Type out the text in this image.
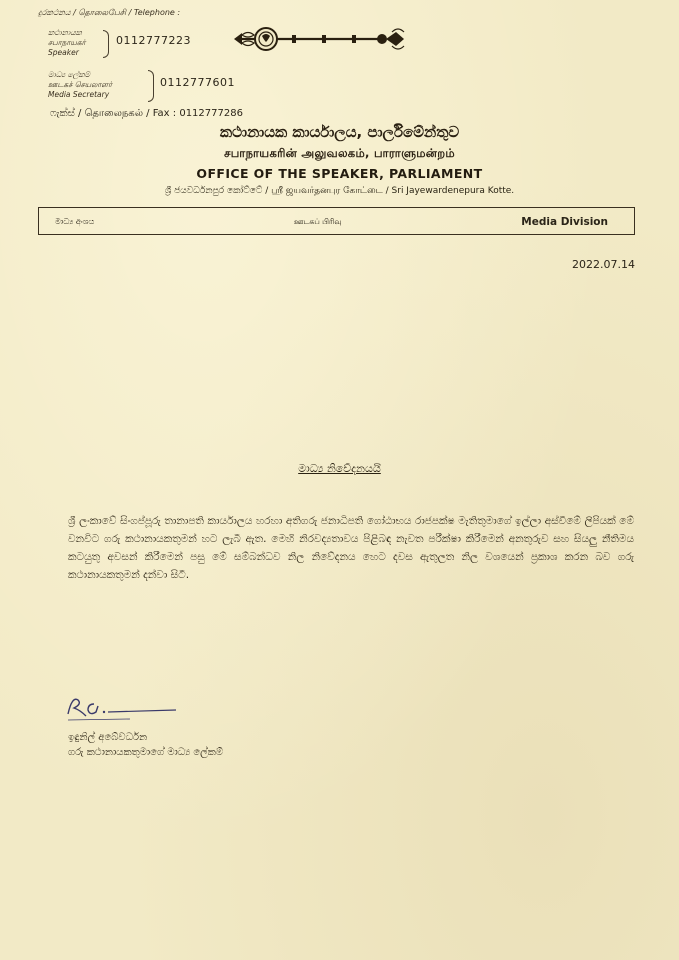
දුරකථනය / தொலைபேசி / Telephone :
කථානායක
சபாநாயகர்
Speaker
0112777223
මාධ්‍ය ලේකම්
ஊடகச் செயலாளர்
Media Secretary
0112777601
ෆැක්ස් / தொலைநகல் / Fax : 0112777286
කථානායක කාර්යාලය, පාර්ලිමේන්තුව
சபாநாயகரின் அலுவலகம், பாராளுமன்றம்
OFFICE OF THE SPEAKER, PARLIAMENT
ශ්‍රී ජයවර්ධනපුර කෝට්ටේ / ஸ்ரீ ஜயவர்தனபுர கோட்டை / Sri Jayewardenepura Kotte.
මාධ්‍ය අංශය	ஊடகப் பிரிவு	Media Division
2022.07.14
මාධ්‍ය නිවේදනයයි
ශ්‍රී ලංකාවේ සිංගප්පූරු තානාපති කාර්යාලය හරහා අතිගරු ජනාධිපති ගෝඨාභය රාජපක්ෂ මැතිතුමාගේ ඉල්ලා අස්වීමේ ලිපියක් මේ වනවිට ගරු කථානායකතුමන් හට ලැබී ඇත. මෙහි නිරවද්‍යතාවය පිළිබඳ නැවත පරීක්ෂා කිරීමෙන් අනතුරුව සහ සියලු නීතිමය කටයුතු අවසන් කිරීමෙන් පසු මේ සම්බන්ධව නිල නිවේදනය හෙට දවස ඇතුලත නිල වශයෙන් ප්‍රකාශ කරන බව ගරු කථානායකතුමන් දන්වා සිටී.
ඉඳුනිල් අබේවර්ධන
ගරු කථානායකතුමාගේ මාධ්‍ය ලේකම්
